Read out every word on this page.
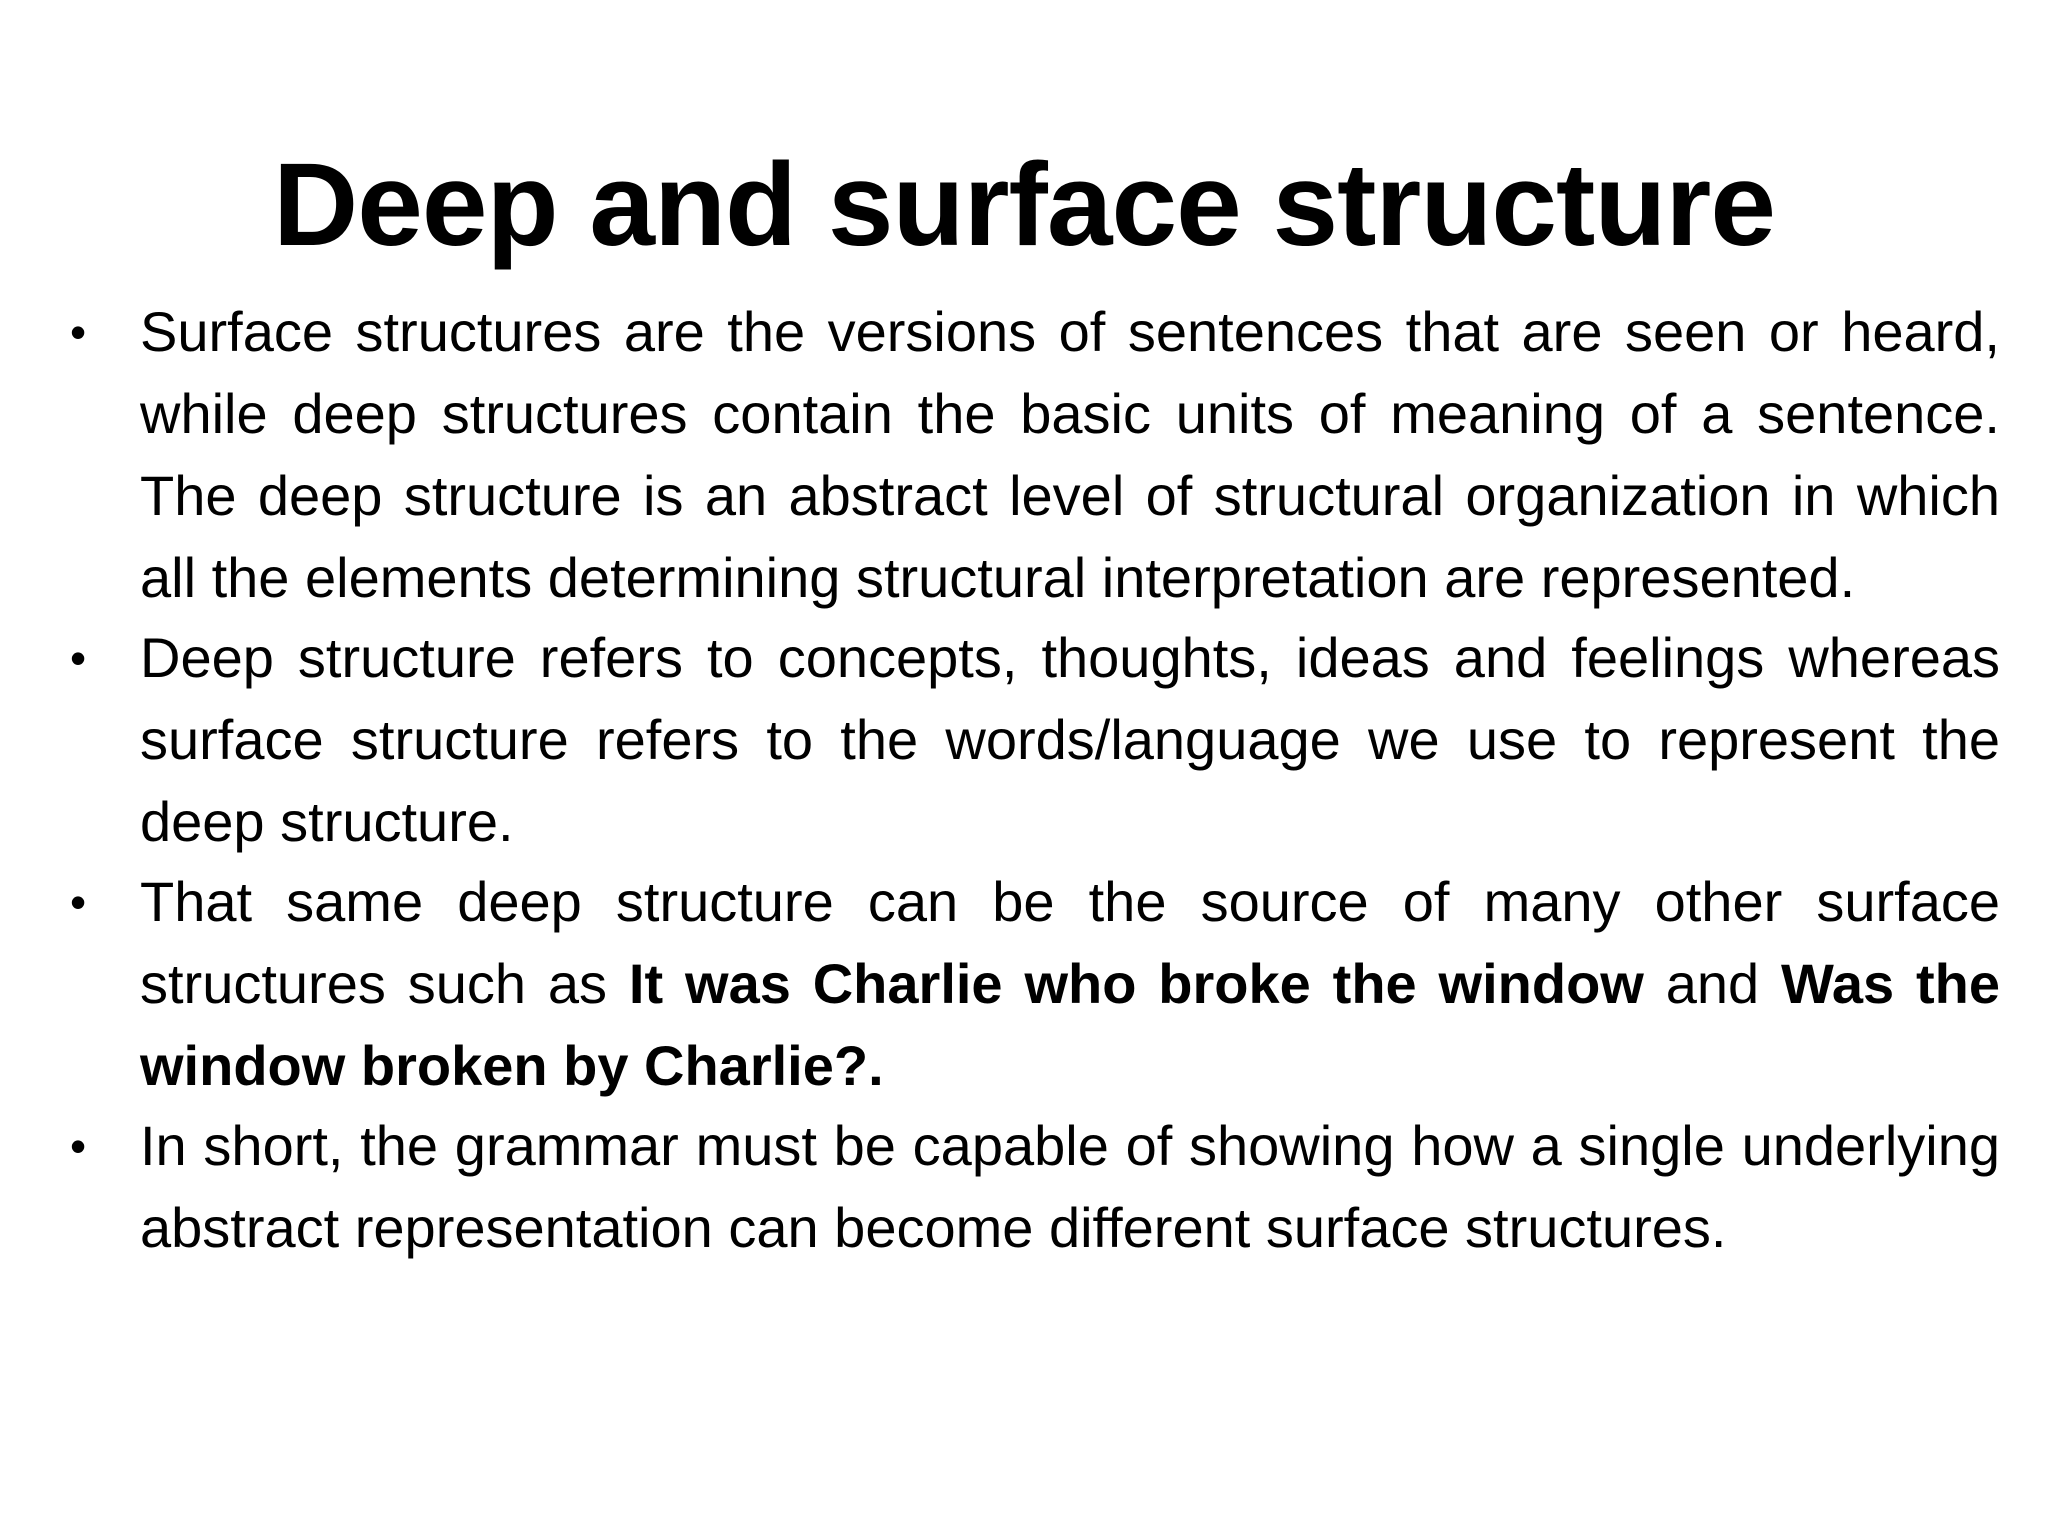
Deep and surface structure
• Surface structures are the versions of sentences that are seen or heard, while deep structures contain the basic units of meaning of a sentence. The deep structure is an abstract level of structural organization in which all the elements determining structural interpretation are represented.
• Deep structure refers to concepts, thoughts, ideas and feelings whereas surface structure refers to the words/language we use to represent the deep structure.
• That same deep structure can be the source of many other surface structures such as It was Charlie who broke the window and Was the window broken by Charlie?.
• In short, the grammar must be capable of showing how a single underlying abstract representation can become different surface structures.
